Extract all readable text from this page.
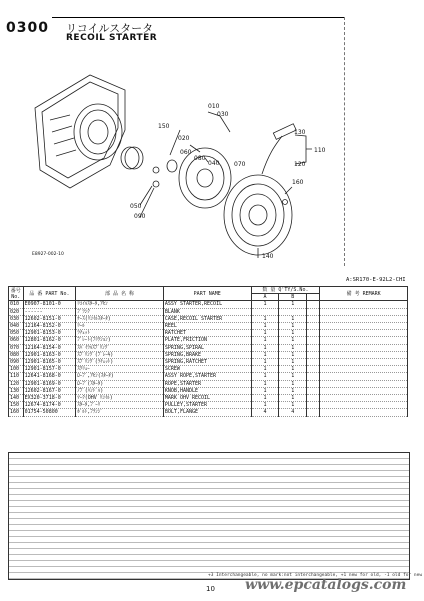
0300 リコイルスタータ
RECOIL STARTER
010
030
150
020
060
080
040 070
050
090
130
120
110
160
140
E8927-002-10
A:SR170-E-92L2-CHI
番号 No.	品 番 PART No.	部 品 名 称	PART NAME	数 量 Q'TY/S.No.			備 考 REMARK
				A	B		
010	E0907-8101-0	ﾘｺｲﾙｽﾀｰﾀ,ｱｾﾝ	ASSY STARTER,RECOIL	1	1		
020	------	ﾌﾞﾗﾝｸ	BLANK				
030	12602-8151-0	ｹｰｽ(ﾘｺｲﾙｽﾀｰﾀ)	CASE,RECOIL STARTER	1	1		
040	12164-8152-0	ﾘｰﾙ	REEL	1	1		
050	12901-8153-0	ﾗﾁｪｯﾄ	RATCHET	1	1		
060	12801-8162-0	ﾌﾟﾚｰﾄ(ﾌﾘｸｼｮﾝ)	PLATE,FRICTION	1	1		
070	12164-8154-0	ｽﾊﾟｲﾗﾙｽﾌﾟﾘﾝｸﾞ	SPRING,SPIRAL	1	1		
080	12901-8163-0	ｽﾌﾟﾘﾝｸﾞ(ﾌﾞﾚｰｷ)	SPRING,BRAKE	1	1		
090	12901-8165-0	ｽﾌﾟﾘﾝｸﾞ(ﾗﾁｪｯﾄ)	SPRING,RATCHET	1	1		
100	12901-8157-0	ｽｸﾘｭｰ	SCREW	1	1		
110	12641-8168-0	ﾛｰﾌﾟ,ｱｾﾝ(ｽﾀｰﾀ)	ASSY ROPE,STARTER	1	1		
120	12901-8169-0	ﾛｰﾌﾟ(ｽﾀｰﾀ)	ROPE,STARTER	1	1		
130	12602-8167-0	ﾉﾌﾞ(ﾊﾝﾄﾞﾙ)	KNOB,HANDLE	1	1		
140	EX320-3718-0	ﾏｰｸ(OHV ﾘｺｲﾙ)	MARK OHV RECOIL	1	1		
150	12674-8174-0	ｽﾀｰﾀ,ﾌﾟｰﾘ	PULLEY,STARTER	1	1		
160	01754-50800	ﾎﾞﾙﾄ,ﾌﾗﾝｼﾞ	BOLT,FLANGE	4	4		
+3 Interchangeable, no mark:not interchangeable, +1 new for old, -1 old for new
10 www.epcatalogs.com
